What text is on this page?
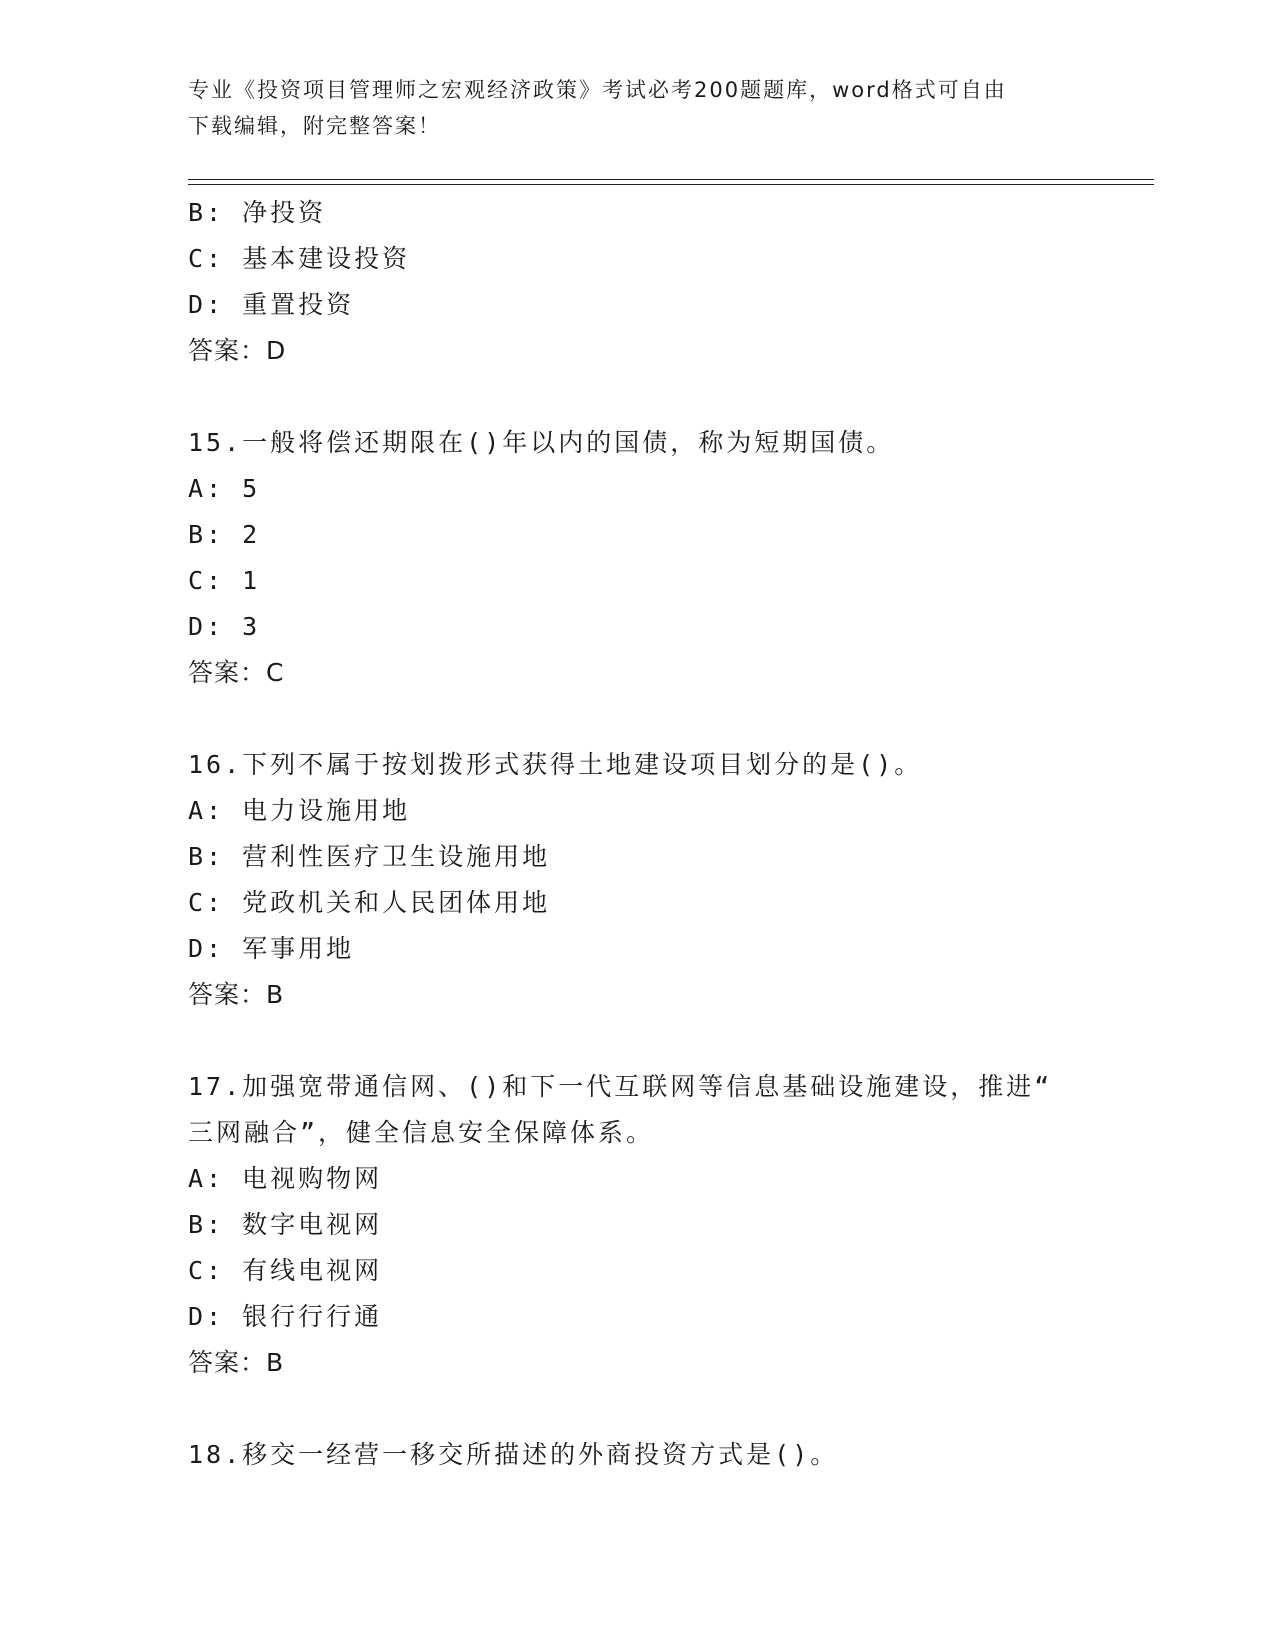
专业《投资项目管理师之宏观经济政策》考试必考200题题库，word格式可自由
下载编辑，附完整答案！
B: 净投资
C: 基本建设投资
D: 重置投资
答案：D
15.一般将偿还期限在()年以内的国债，称为短期国债。
A: 5
B: 2
C: 1
D: 3
答案：C
16.下列不属于按划拨形式获得土地建设项目划分的是()。
A: 电力设施用地
B: 营利性医疗卫生设施用地
C: 党政机关和人民团体用地
D: 军事用地
答案：B
17.加强宽带通信网、()和下一代互联网等信息基础设施建设，推进“
三网融合”，健全信息安全保障体系。
A: 电视购物网
B: 数字电视网
C: 有线电视网
D: 银行行行通
答案：B
18.移交一经营一移交所描述的外商投资方式是()。
